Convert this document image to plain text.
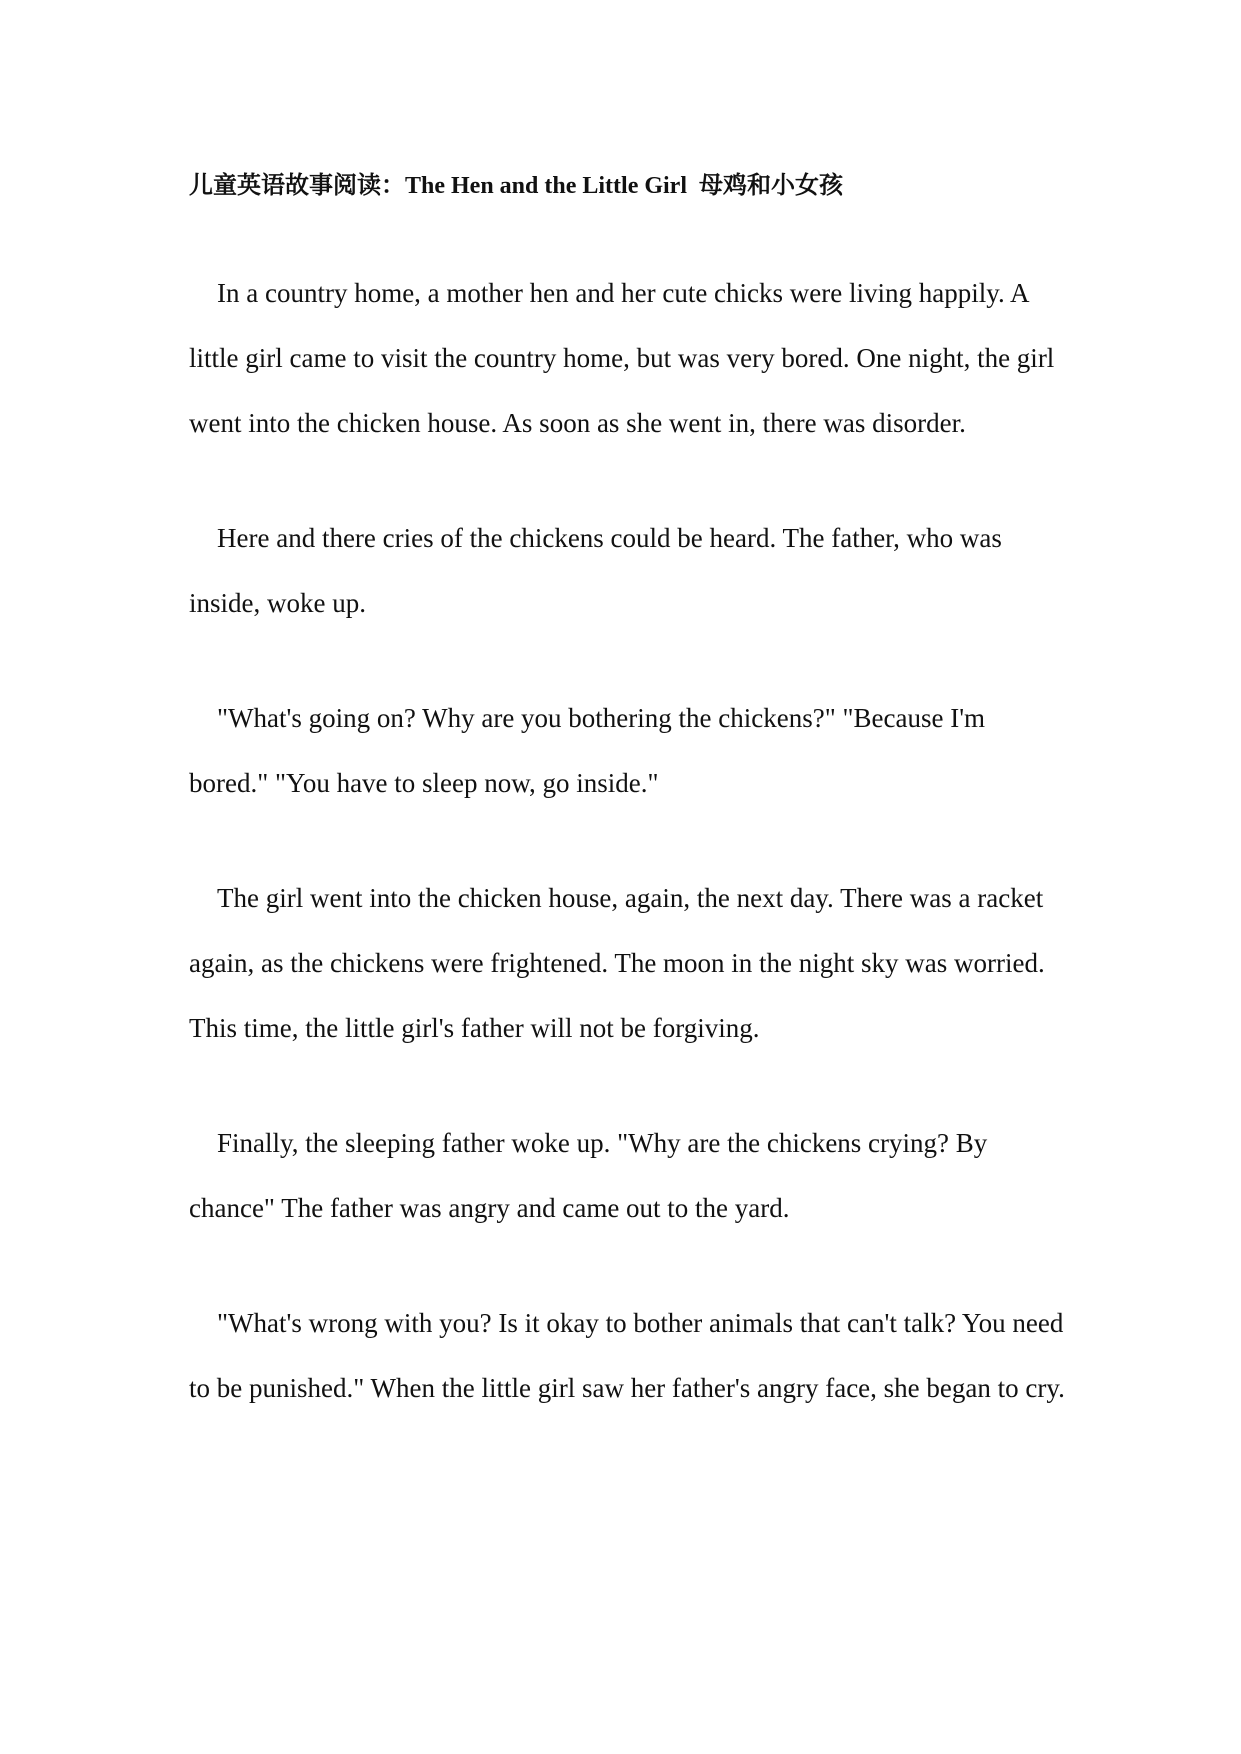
儿童英语故事阅读：The Hen and the Little Girl 母鸡和小女孩

In a country home, a mother hen and her cute chicks were living happily. A little girl came to visit the country home, but was very bored. One night, the girl went into the chicken house. As soon as she went in, there was disorder.

Here and there cries of the chickens could be heard. The father, who was inside, woke up.

"What's going on? Why are you bothering the chickens?" "Because I'm bored." "You have to sleep now, go inside."

The girl went into the chicken house, again, the next day. There was a racket again, as the chickens were frightened. The moon in the night sky was worried. This time, the little girl's father will not be forgiving.

Finally, the sleeping father woke up. "Why are the chickens crying? By chance" The father was angry and came out to the yard.

"What's wrong with you? Is it okay to bother animals that can't talk? You need to be punished." When the little girl saw her father's angry face, she began to cry.
